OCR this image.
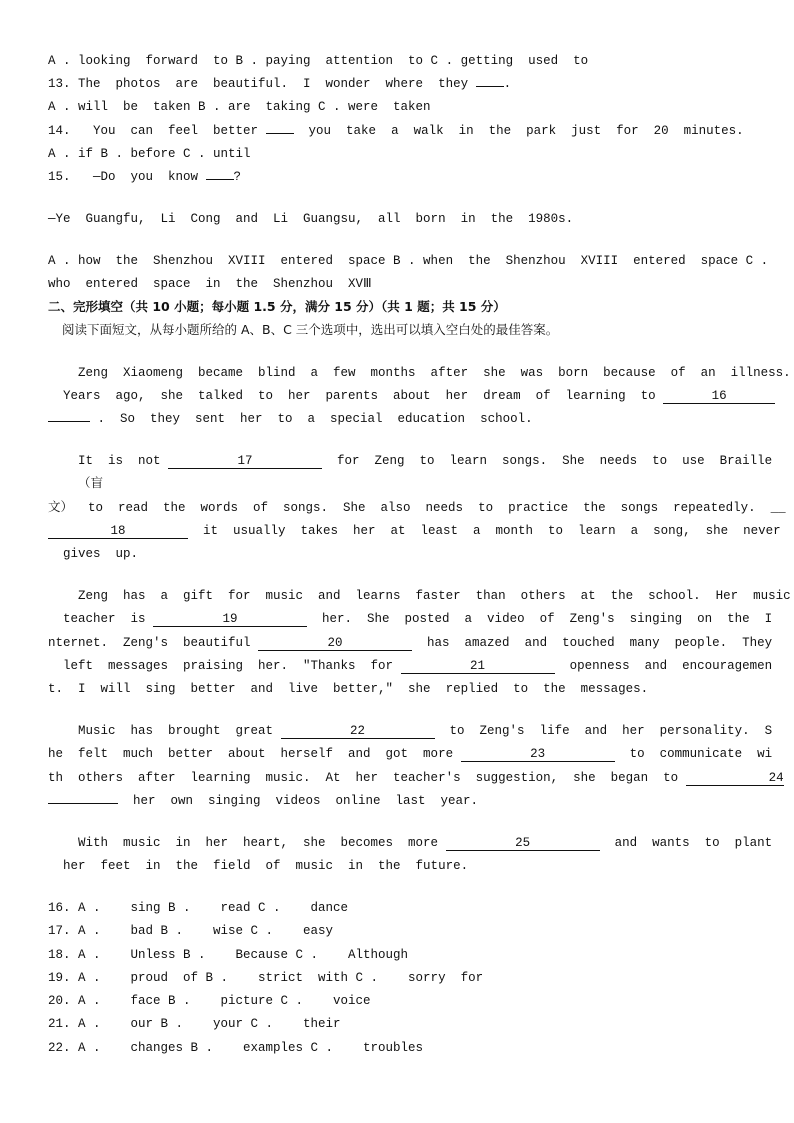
A . looking  forward  to B . paying  attention  to C . getting  used  to
13. The  photos  are  beautiful.  I  wonder  where  they .
A . will  be  taken B . are  taking C . were  taken
14.   You  can  feel  better   you  take  a  walk  in  the  park  just  for  20  minutes.
A . if B . before C . until
15.   —Do  you  know ?
—Ye  Guangfu,  Li  Cong  and  Li  Guangsu,  all  born  in  the  1980s.
A . how  the  Shenzhou  XVIII  entered  space B . when  the  Shenzhou  XVIII  entered  space C .
who  entered  space  in  the  Shenzhou  XVⅢ
二、完形填空（共 10 小题；每小题 1.5 分，满分 15 分）（共 1 题；共 15 分）
阅读下面短文，从每小题所给的 A、B、C 三个选项中，选出可以填入空白处的最佳答案。
Zeng  Xiaomeng  became  blind  a  few  months  after  she  was  born  because  of  an  illness.
Years  ago,  she  talked  to  her  parents  about  her  dream  of  learning  to	16
.  So  they  sent  her  to  a  special  education  school.
It  is  not	17	for  Zeng  to  learn  songs.  She  needs  to  use  Braille
（盲
文）  to  read  the  words  of  songs.  She  also  needs  to  practice  the  songs  repeatedly.  __
18	it  usually  takes  her  at  least  a  month  to  learn  a  song,  she  never
gives  up.
Zeng  has  a  gift  for  music  and  learns  faster  than  others  at  the  school.  Her  music
teacher  is	19	her.  She  posted  a  video  of  Zeng's  singing  on  the  I
nternet.  Zeng's  beautiful	20	has  amazed  and  touched  many  people.  They
left  messages  praising  her.  "Thanks  for	21	openness  and  encouragemen
t.  I  will  sing  better  and  live  better,"  she  replied  to  the  messages.
Music  has  brought  great	22	to  Zeng's  life  and  her  personality.  S
he  felt  much  better  about  herself  and  got  more	23	to  communicate  wi
th  others  after  learning  music.  At  her  teacher's  suggestion,  she  began  to	24
her  own  singing  videos  online  last  year.
With  music  in  her  heart,  she  becomes  more	25	and  wants  to  plant
her  feet  in  the  field  of  music  in  the  future.
16. A .    sing B .    read C .    dance
17. A .    bad B .    wise C .    easy
18. A .    Unless B .    Because C .    Although
19. A .    proud  of B .    strict  with C .    sorry  for
20. A .    face B .    picture C .    voice
21. A .    our B .    your C .    their
22. A .    changes B .    examples C .    troubles
